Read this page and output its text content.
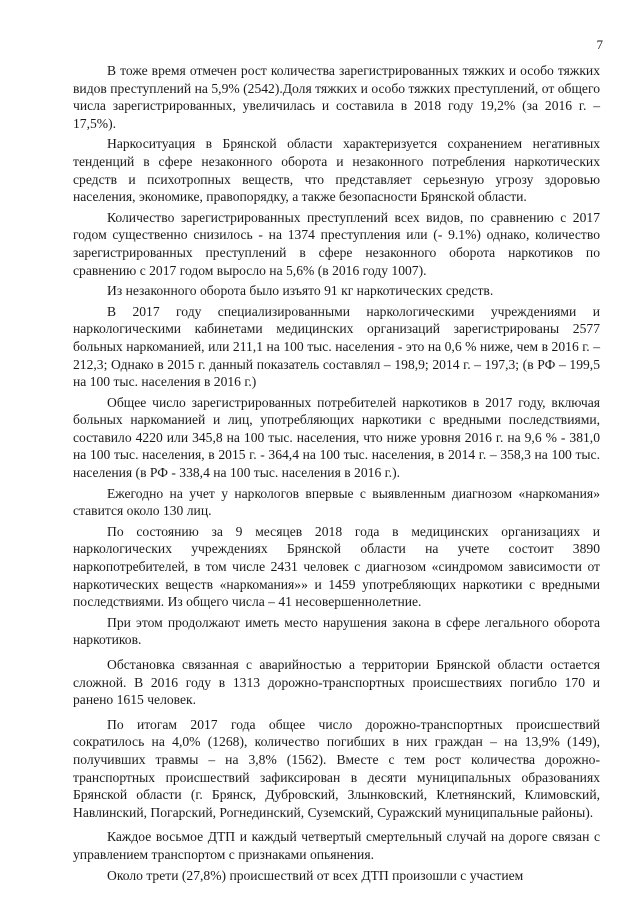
7

В тоже время отмечен рост количества зарегистрированных тяжких и особо тяжких видов преступлений на 5,9% (2542).Доля тяжких и особо тяжких преступлений, от общего числа зарегистрированных, увеличилась и составила в 2018 году 19,2% (за 2016 г. – 17,5%).

Наркоситуация в Брянской области характеризуется сохранением негативных тенденций в сфере незаконного оборота и незаконного потребления наркотических средств и психотропных веществ, что представляет серьезную угрозу здоровью населения, экономике, правопорядку, а также безопасности Брянской области.

Количество зарегистрированных преступлений всех видов, по сравнению с 2017 годом существенно снизилось - на 1374 преступления или (- 9.1%) однако, количество зарегистрированных преступлений в сфере незаконного оборота наркотиков по сравнению с 2017 годом выросло на 5,6% (в 2016 году 1007).

Из незаконного оборота было изъято 91 кг наркотических средств.

В 2017 году специализированными наркологическими учреждениями и наркологическими кабинетами медицинских организаций зарегистрированы 2577 больных наркоманией, или 211,1 на 100 тыс. населения - это на 0,6 % ниже, чем в 2016 г. – 212,3; Однако в 2015 г. данный показатель составлял – 198,9; 2014 г. – 197,3; (в РФ – 199,5 на 100 тыс. населения в 2016 г.)

Общее число зарегистрированных потребителей наркотиков в 2017 году, включая больных наркоманией и лиц, употребляющих наркотики с вредными последствиями, составило 4220 или 345,8 на 100 тыс. населения, что ниже уровня 2016 г. на 9,6 % - 381,0 на 100 тыс. населения, в 2015 г. - 364,4 на 100 тыс. населения, в 2014 г. – 358,3 на 100 тыс. населения (в РФ - 338,4 на 100 тыс. населения в 2016 г.).

Ежегодно на учет у наркологов впервые с выявленным диагнозом «наркомания» ставится около 130 лиц.

По состоянию за 9 месяцев 2018 года в медицинских организациях и наркологических учреждениях Брянской области на учете состоит 3890 наркопотребителей, в том числе 2431 человек с диагнозом «синдромом зависимости от наркотических веществ «наркомания»» и 1459 употребляющих наркотики с вредными последствиями. Из общего числа – 41 несовершеннолетние.

При этом продолжают иметь место нарушения закона в сфере легального оборота наркотиков.

Обстановка связанная с аварийностью а территории Брянской области остается сложной. В 2016 году в 1313 дорожно-транспортных происшествиях погибло 170 и ранено 1615 человек.

По итогам 2017 года общее число дорожно-транспортных происшествий сократилось на 4,0% (1268), количество погибших в них граждан – на 13,9% (149), получивших травмы – на 3,8% (1562). Вместе с тем рост количества дорожно-транспортных происшествий зафиксирован в десяти муниципальных образованиях Брянской области (г. Брянск, Дубровский, Злынковский, Клетнянский, Климовский, Навлинский, Погарский, Рогнединский, Суземский, Суражский муниципальные районы).

Каждое восьмое ДТП и каждый четвертый смертельный случай на дороге связан с управлением транспортом с признаками опьянения.

Около трети (27,8%) происшествий от всех ДТП произошли с участием
